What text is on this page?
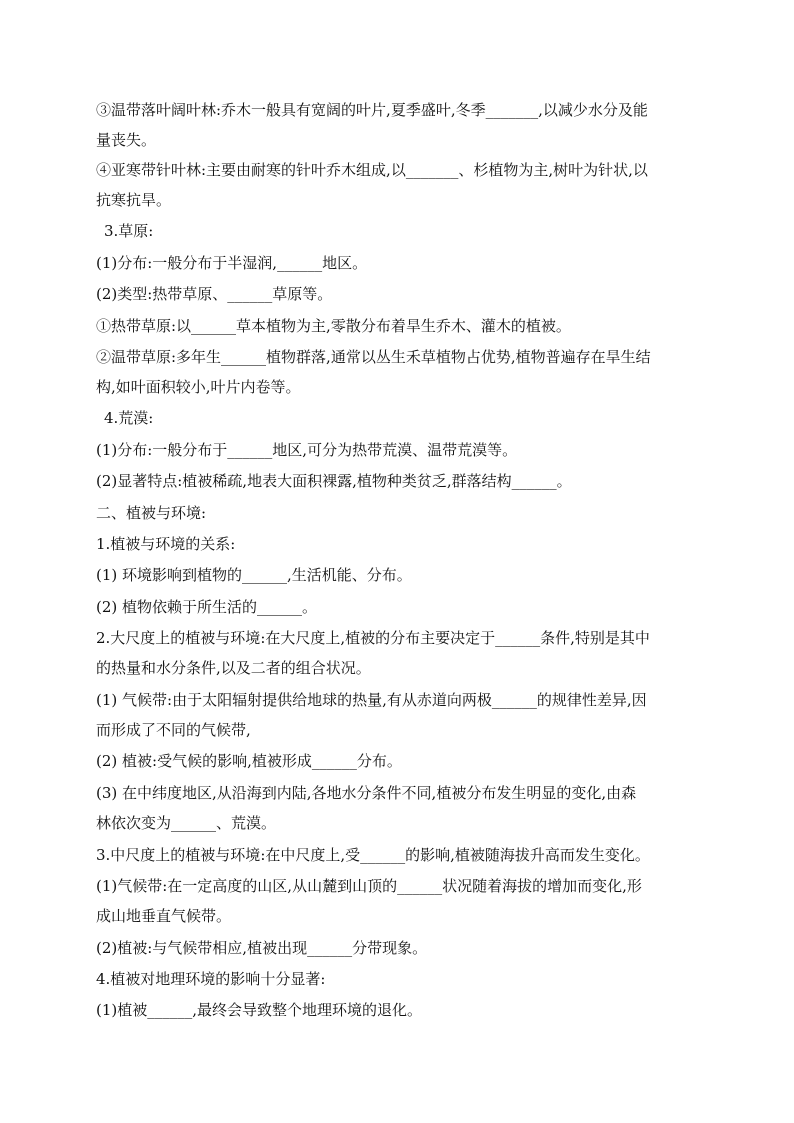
③温带落叶阔叶林:乔木一般具有宽阔的叶片,夏季盛叶,冬季_______,以减少水分及能
量丧失。
④亚寒带针叶林:主要由耐寒的针叶乔木组成,以_______、杉植物为主,树叶为针状,以
抗寒抗旱。
3.草原:
(1)分布:一般分布于半湿润,______地区。
(2)类型:热带草原、______草原等。
①热带草原:以______草本植物为主,零散分布着旱生乔木、灌木的植被。
②温带草原:多年生______植物群落,通常以丛生禾草植物占优势,植物普遍存在旱生结
构,如叶面积较小,叶片内卷等。
4.荒漠:
(1)分布:一般分布于______地区,可分为热带荒漠、温带荒漠等。
(2)显著特点:植被稀疏,地表大面积裸露,植物种类贫乏,群落结构______。
二、植被与环境:
1.植被与环境的关系:
(1) 环境影响到植物的______,生活机能、分布。
(2) 植物依赖于所生活的______。
2.大尺度上的植被与环境:在大尺度上,植被的分布主要决定于______条件,特别是其中
的热量和水分条件,以及二者的组合状况。
(1) 气候带:由于太阳辐射提供给地球的热量,有从赤道向两极______的规律性差异,因
而形成了不同的气候带,
(2) 植被:受气候的影响,植被形成______分布。
(3) 在中纬度地区,从沿海到内陆,各地水分条件不同,植被分布发生明显的变化,由森
林依次变为______、荒漠。
3.中尺度上的植被与环境:在中尺度上,受______的影响,植被随海拔升高而发生变化。
(1)气候带:在一定高度的山区,从山麓到山顶的______状况随着海拔的增加而变化,形
成山地垂直气候带。
(2)植被:与气候带相应,植被出现______分带现象。
4.植被对地理环境的影响十分显著:
(1)植被______,最终会导致整个地理环境的退化。
